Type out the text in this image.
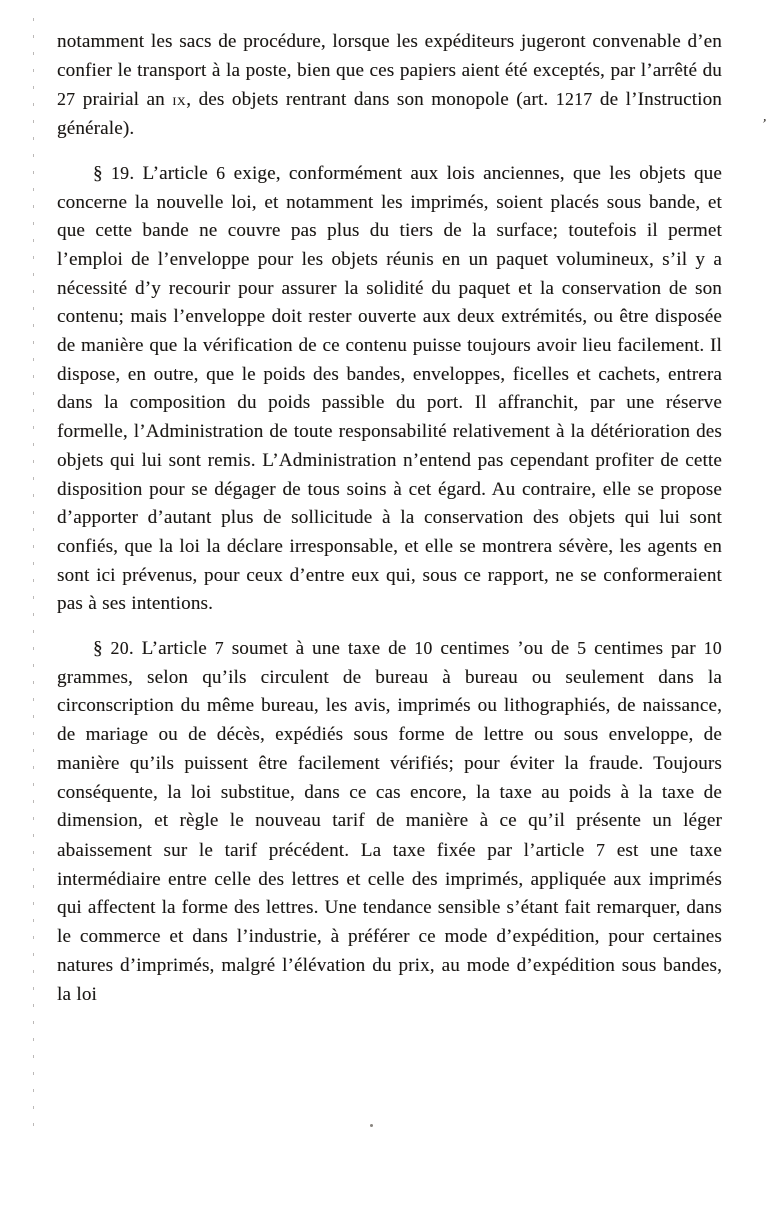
’

notamment les sacs de procédure, lorsque les expéditeurs jugeront convenable d’en confier le transport à la poste, bien que ces papiers aient été exceptés, par l’arrêté du 27 prairial an ix, des objets rentrant dans son monopole (art. 1217 de l’Instruction générale).

§ 19. L’article 6 exige, conformément aux lois anciennes, que les objets que concerne la nouvelle loi, et notamment les imprimés, soient placés sous bande, et que cette bande ne couvre pas plus du tiers de la surface; toutefois il permet l’emploi de l’enveloppe pour les objets réunis en un paquet volumineux, s’il y a nécessité d’y recourir pour assurer la solidité du paquet et la conservation de son contenu; mais l’enveloppe doit rester ouverte aux deux extrémités, ou être disposée de manière que la vérification de ce contenu puisse toujours avoir lieu facilement. Il dispose, en outre, que le poids des bandes, enveloppes, ficelles et cachets, entrera dans la composition du poids passible du port. Il affranchit, par une réserve formelle, l’Administration de toute responsabilité relativement à la détérioration des objets qui lui sont remis. L’Administration n’entend pas cependant profiter de cette disposition pour se dégager de tous soins à cet égard. Au contraire, elle se propose d’apporter d’autant plus de sollicitude à la conservation des objets qui lui sont confiés, que la loi la déclare irresponsable, et elle se montrera sévère, les agents en sont ici prévenus, pour ceux d’entre eux qui, sous ce rapport, ne se conformeraient pas à ses intentions.

§ 20. L’article 7 soumet à une taxe de 10 centimes ’ou de 5 centimes par 10 grammes, selon qu’ils circulent de bureau à bureau ou seulement dans la circonscription du même bureau, les avis, imprimés ou lithographiés, de naissance, de mariage ou de décès, expédiés sous forme de lettre ou sous enveloppe, de manière qu’ils puissent être facilement vérifiés; pour éviter la fraude. Toujours conséquente, la loi substitue, dans ce cas encore, la taxe au poids à la taxe de dimension, et règle le nouveau tarif de manière à ce qu’il présente un léger abaissement sur le tarif précédent. La taxe fixée par l’article 7 est une taxe intermédiaire entre celle des lettres et celle des imprimés, appliquée aux imprimés qui affectent la forme des lettres. Une tendance sensible s’étant fait remarquer, dans le commerce et dans l’industrie, à préférer ce mode d’expédition, pour certaines natures d’imprimés, malgré l’élévation du prix, au mode d’expédition sous bandes, la loi
